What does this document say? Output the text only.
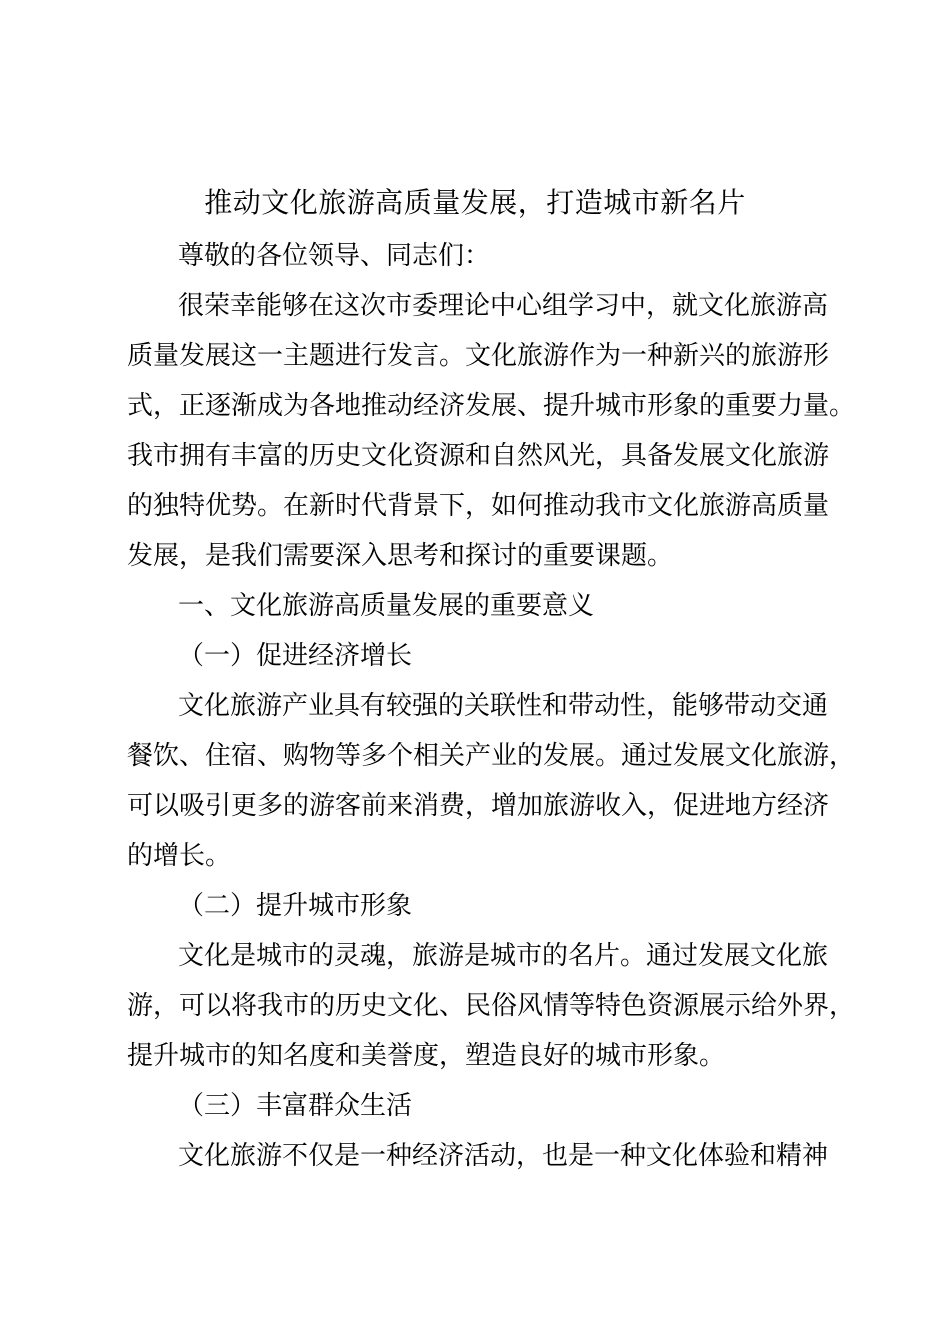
推动文化旅游高质量发展，打造城市新名片
尊敬的各位领导、同志们：
很荣幸能够在这次市委理论中心组学习中，就文化旅游高
质量发展这一主题进行发言。文化旅游作为一种新兴的旅游形
式，正逐渐成为各地推动经济发展、提升城市形象的重要力量。
我市拥有丰富的历史文化资源和自然风光，具备发展文化旅游
的独特优势。在新时代背景下，如何推动我市文化旅游高质量
发展，是我们需要深入思考和探讨的重要课题。
一、文化旅游高质量发展的重要意义
（一）促进经济增长
文化旅游产业具有较强的关联性和带动性，能够带动交通
餐饮、住宿、购物等多个相关产业的发展。通过发展文化旅游，
可以吸引更多的游客前来消费，增加旅游收入，促进地方经济
的增长。
（二）提升城市形象
文化是城市的灵魂，旅游是城市的名片。通过发展文化旅
游，可以将我市的历史文化、民俗风情等特色资源展示给外界，
提升城市的知名度和美誉度，塑造良好的城市形象。
（三）丰富群众生活
文化旅游不仅是一种经济活动，也是一种文化体验和精神
